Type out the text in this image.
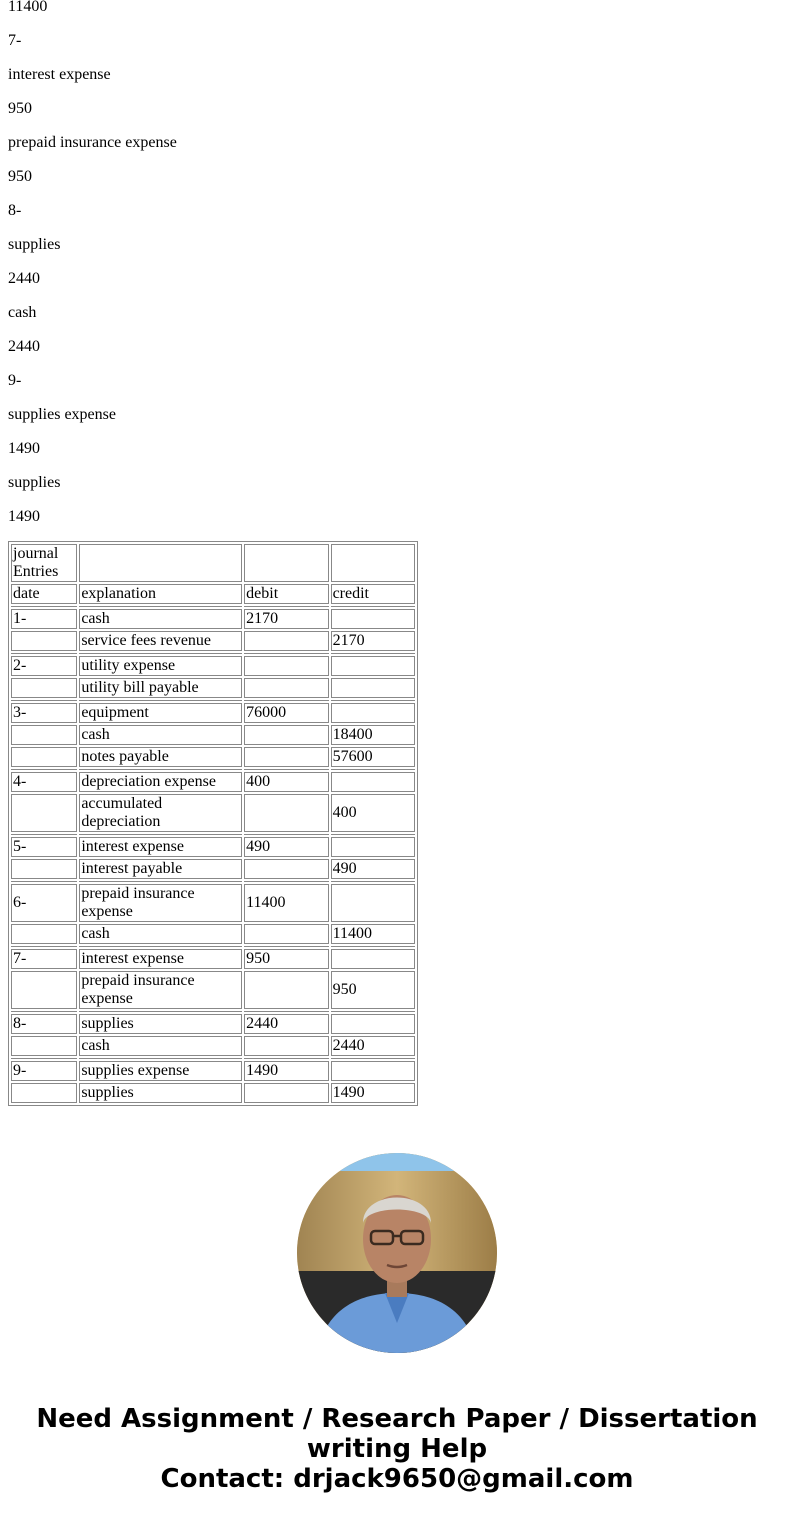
11400

7-

interest expense

950

prepaid insurance expense

950

8-

supplies

2440

cash

2440

9-

supplies expense

1490

supplies

1490

journal Entries			
date	explanation	debit	credit

1-	cash	2170	
	service fees revenue		2170

2-	utility expense		
	utility bill payable		

3-	equipment	76000	
	cash		18400
	notes payable		57600

4-	depreciation expense	400	
	accumulated depreciation		400

5-	interest expense	490	
	interest payable		490

6-	prepaid insurance expense	11400	
	cash		11400

7-	interest expense	950	
	prepaid insurance expense		950

8-	supplies	2440	
	cash		2440

9-	supplies expense	1490	
	supplies		1490
Need Assignment / Research Paper / Dissertation
writing Help
Contact: drjack9650@gmail.com
